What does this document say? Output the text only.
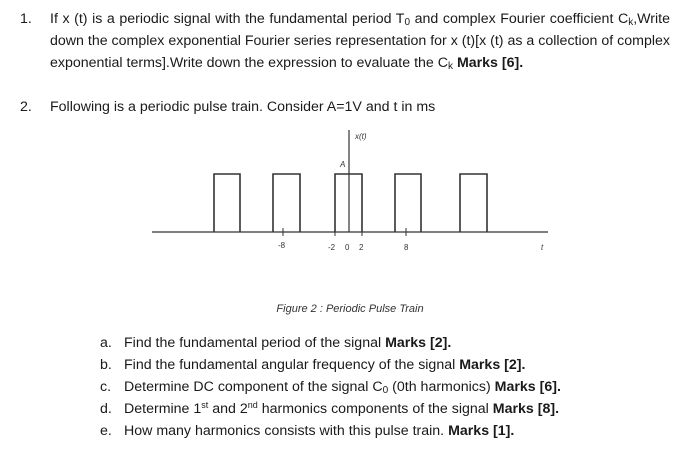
1. If x (t) is a periodic signal with the fundamental period $T_0$ and complex Fourier coefficient $C_k,Write$ down the complex exponential Fourier series representation for x (t)[x (t) as a collection of complex exponential terms].Write down the expression to evaluate the $C_k$ Marks [6].
2. Following is a periodic pulse train. Consider A=1V and t in ms
x(t)
A
t
-8	-2 0 2	8
Figure 2 : Periodic Pulse Train
a. Find the fundamental period of the signal Marks [2].
b. Find the fundamental angular frequency of the signal Marks [2].
c. Determine DC component of the signal $C_0$ (0th harmonics) Marks [6].
d. Determine 1st and 2nd harmonics components of the signal Marks [8].
e. How many harmonics consists with this pulse train. Marks [1].
